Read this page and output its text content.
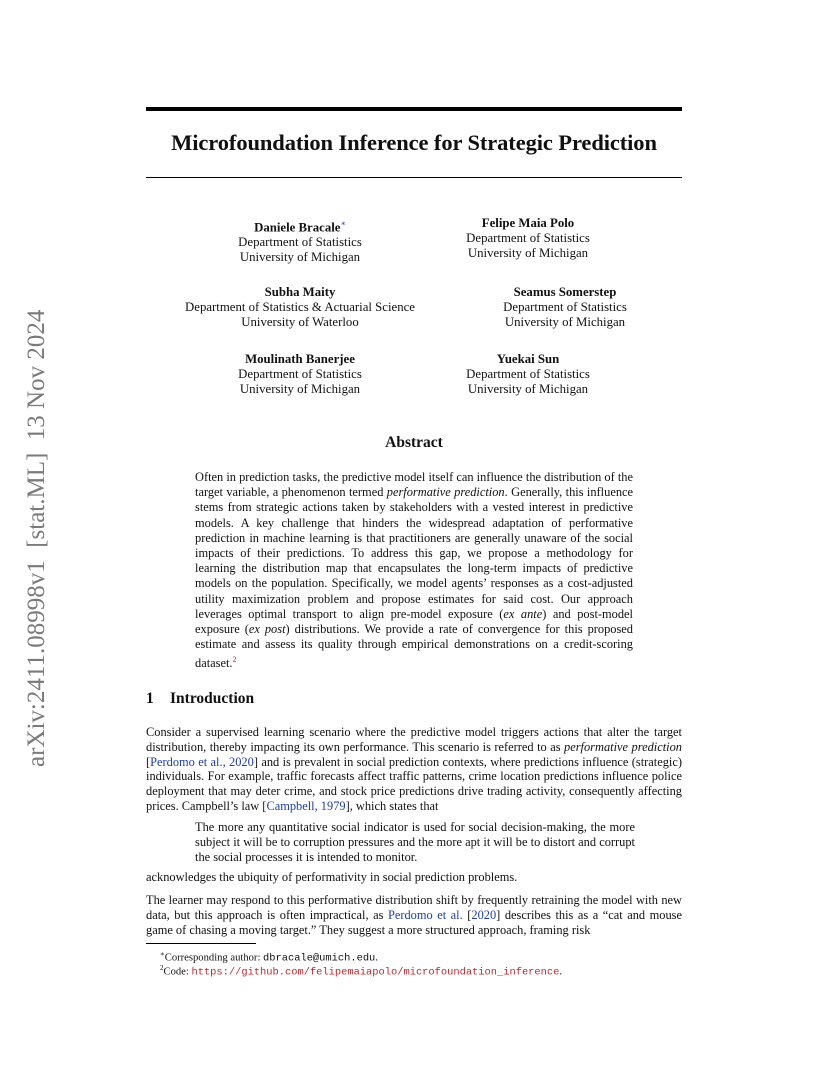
arXiv:2411.08998v1  [stat.ML]  13 Nov 2024
Microfoundation Inference for Strategic Prediction
Daniele Bracale∗
Department of Statistics
University of Michigan
Felipe Maia Polo
Department of Statistics
University of Michigan
Subha Maity
Department of Statistics & Actuarial Science
University of Waterloo
Seamus Somerstep
Department of Statistics
University of Michigan
Moulinath Banerjee
Department of Statistics
University of Michigan
Yuekai Sun
Department of Statistics
University of Michigan
Abstract

Often in prediction tasks, the predictive model itself can influence the distribution of the target variable, a phenomenon termed performative prediction. Generally, this influence stems from strategic actions taken by stakeholders with a vested interest in predictive models. A key challenge that hinders the widespread adaptation of performative prediction in machine learning is that practitioners are generally unaware of the social impacts of their predictions. To address this gap, we propose a methodology for learning the distribution map that encapsulates the long-term impacts of predictive models on the population. Specifically, we model agents’ responses as a cost-adjusted utility maximization problem and propose estimates for said cost. Our approach leverages optimal transport to align pre-model exposure (ex ante) and post-model exposure (ex post) distributions. We provide a rate of convergence for this proposed estimate and assess its quality through empirical demonstrations on a credit-scoring dataset.$^2$

1 Introduction

Consider a supervised learning scenario where the predictive model triggers actions that alter the target distribution, thereby impacting its own performance. This scenario is referred to as performative prediction [Perdomo et al., 2020] and is prevalent in social prediction contexts, where predictions influence (strategic) individuals. For example, traffic forecasts affect traffic patterns, crime location predictions influence police deployment that may deter crime, and stock price predictions drive trading activity, consequently affecting prices. Campbell’s law [Campbell, 1979], which states that

The more any quantitative social indicator is used for social decision-making, the more subject it will be to corruption pressures and the more apt it will be to distort and corrupt the social processes it is intended to monitor.

acknowledges the ubiquity of performativity in social prediction problems.

The learner may respond to this performative distribution shift by frequently retraining the model with new data, but this approach is often impractical, as Perdomo et al. [2020] describes this as a “cat and mouse game of chasing a moving target.” They suggest a more structured approach, framing risk

∗Corresponding author: dbracale@umich.edu.
$^2$Code: https://github.com/felipemaiapolo/microfoundation_inference.
